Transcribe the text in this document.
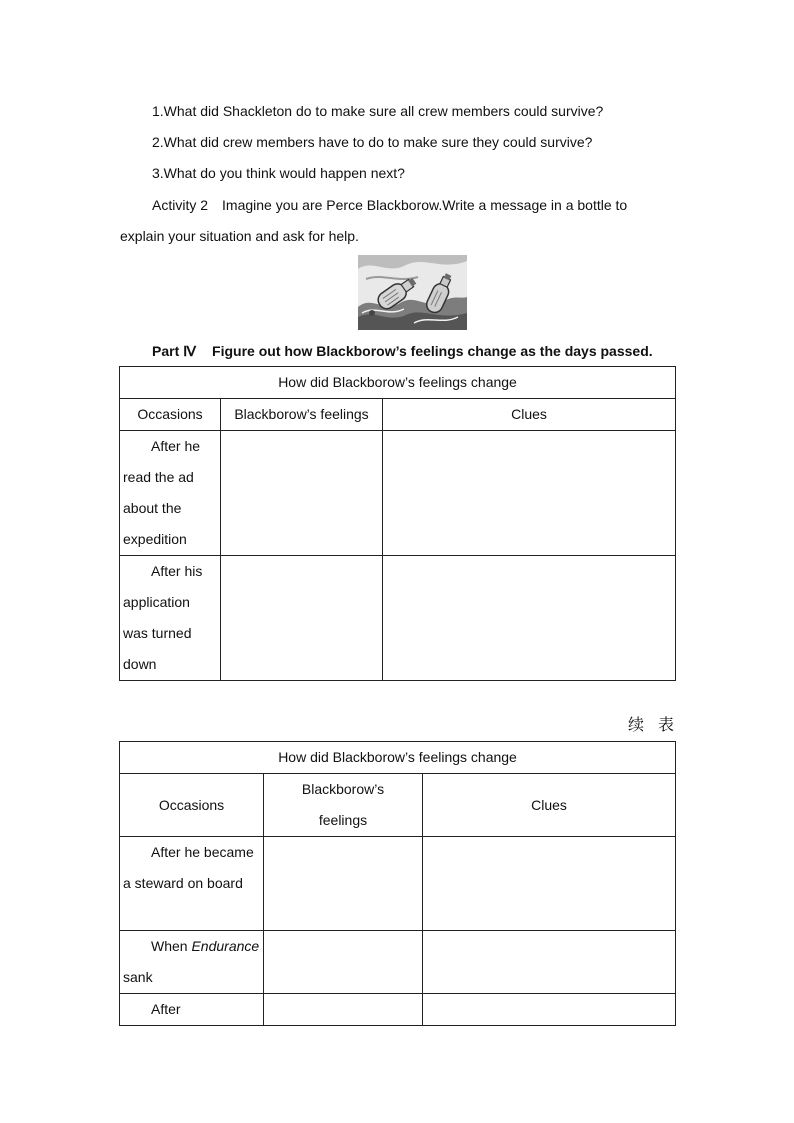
1.What did Shackleton do to make sure all crew members could survive?
2.What did crew members have to do to make sure they could survive?
3.What do you think would happen next?
Activity 2 Imagine you are Perce Blackborow.Write a message in a bottle to
explain your situation and ask for help.
Part Ⅳ Figure out how Blackborow’s feelings change as the days passed.
How did Blackborow’s feelings change		
Occasions	Blackborow’s feelings	Clues
After he read the ad about the expedition		
After his application was turned down		
续表
How did Blackborow’s feelings change		
Occasions	Blackborow’s feelings	Clues
After he became a steward on board		
When Endurance sank		
After		
